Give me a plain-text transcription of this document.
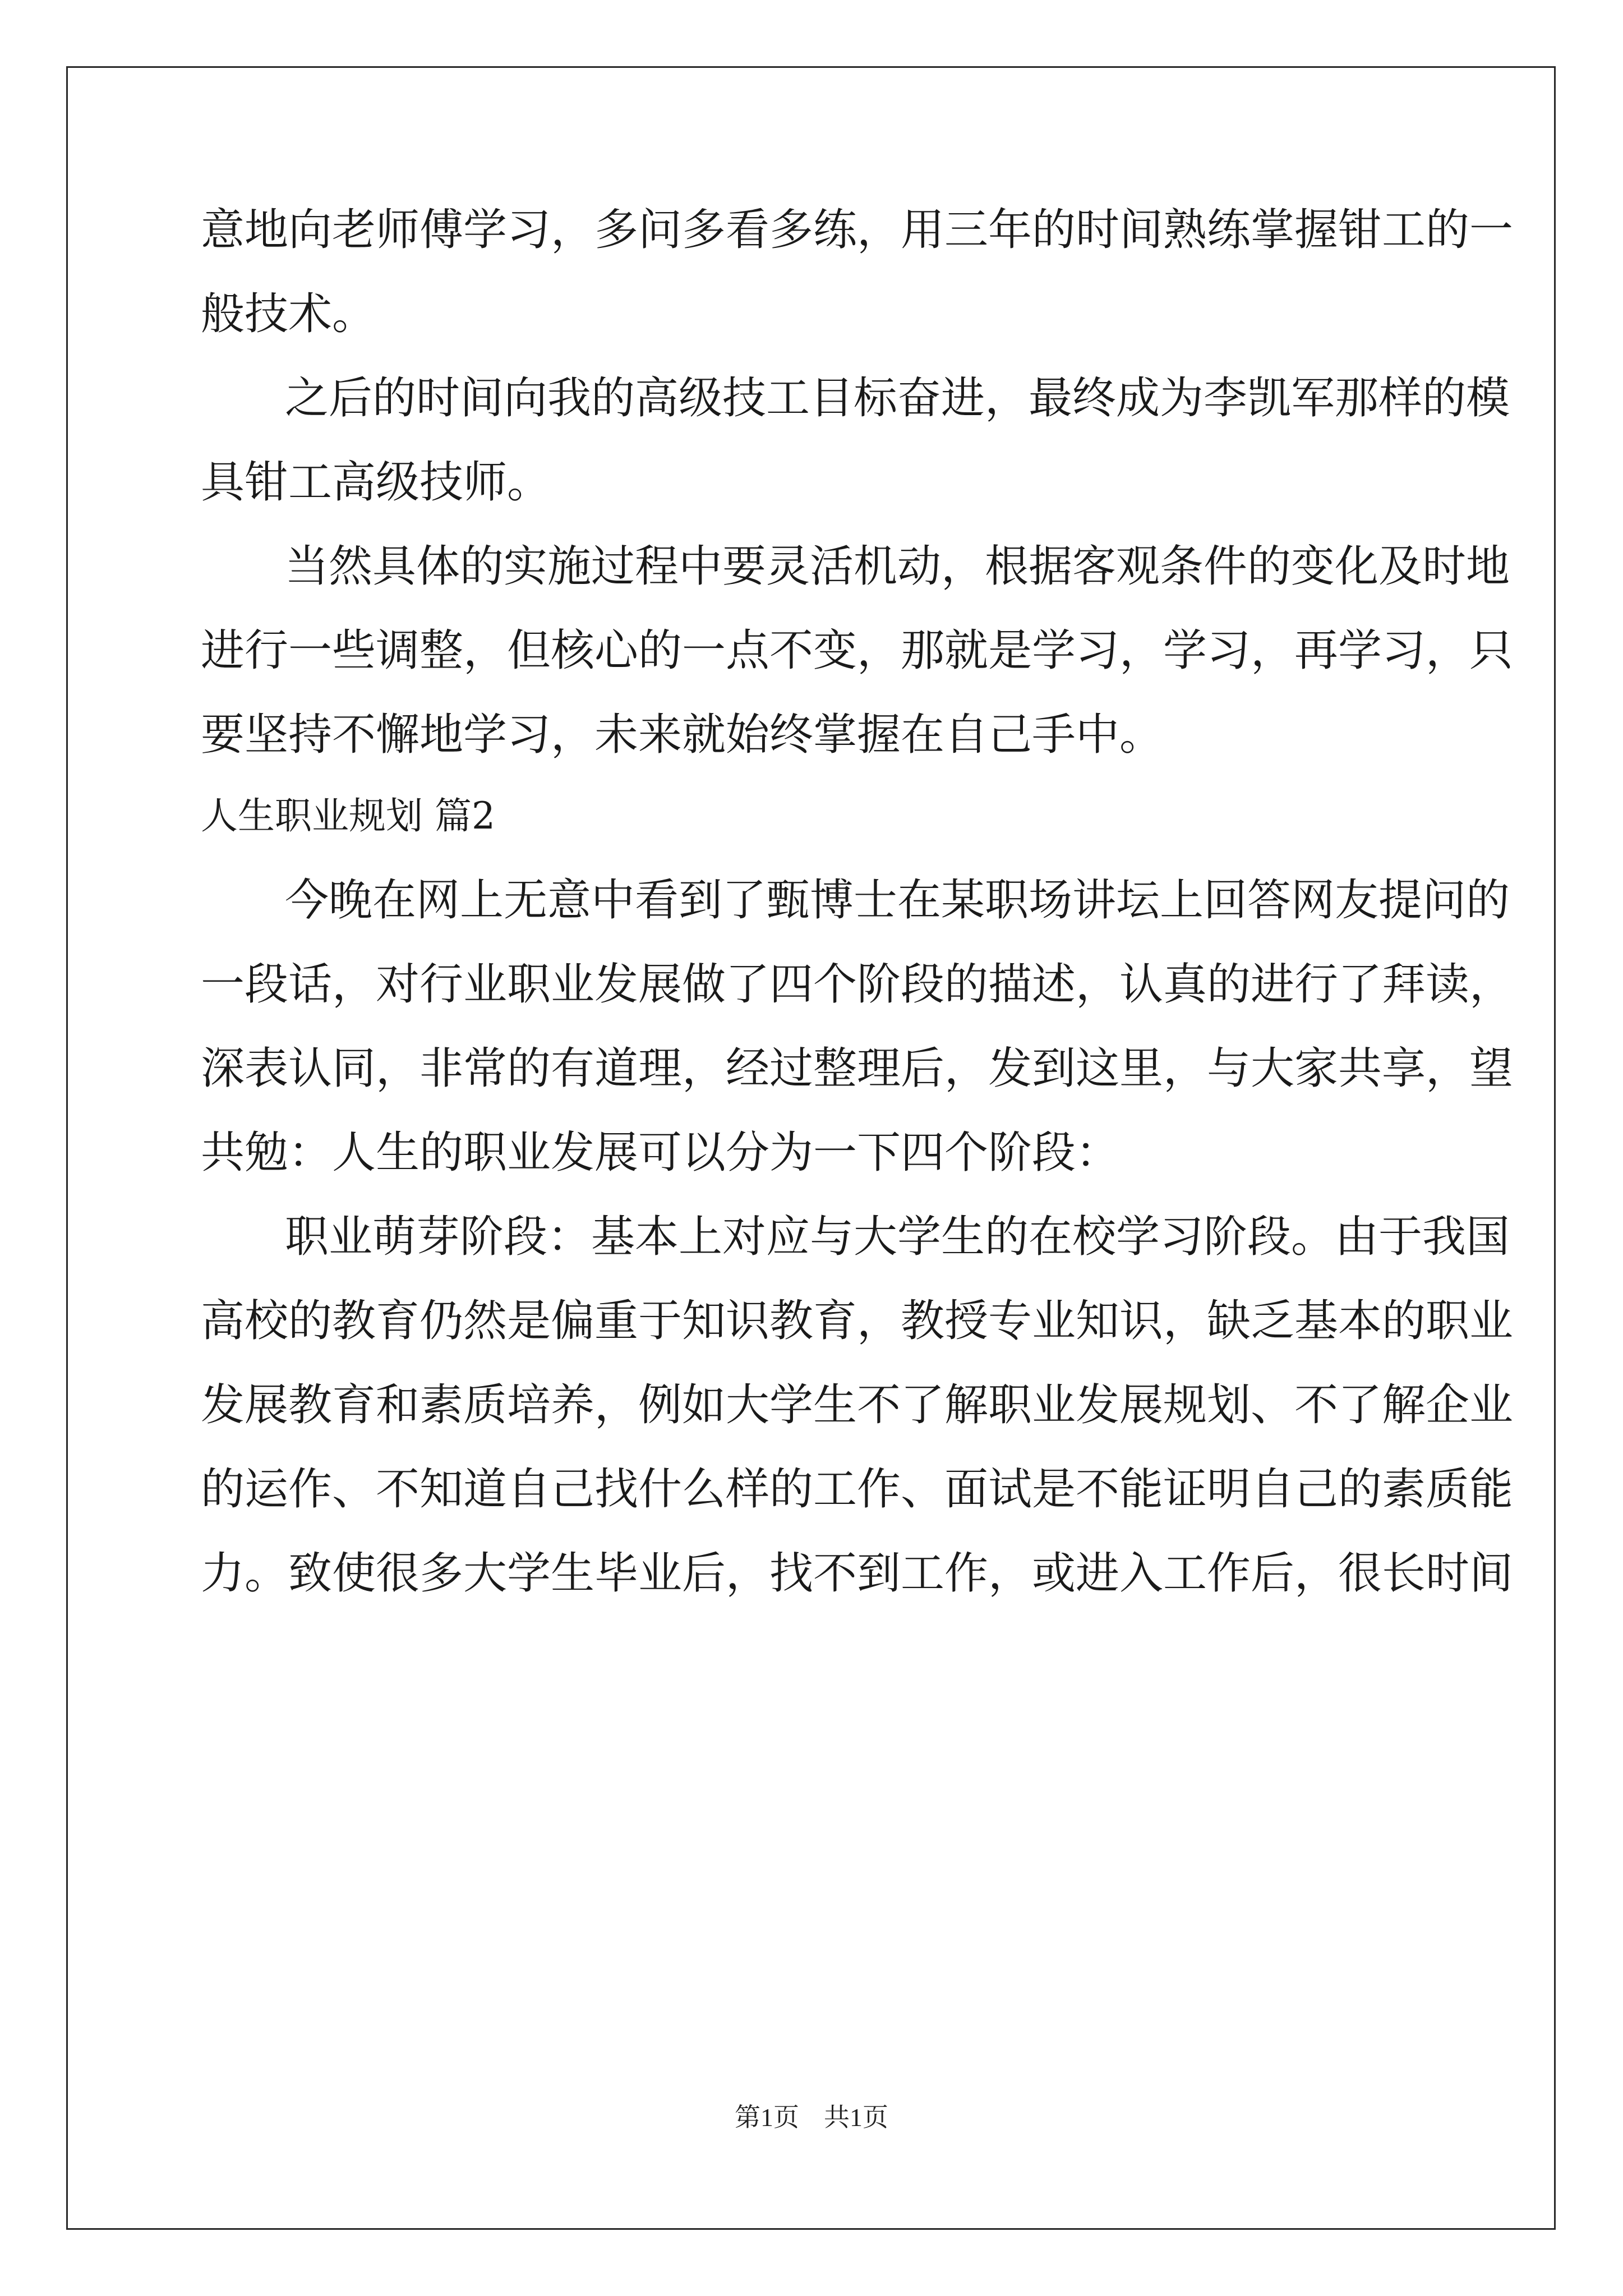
意地向老师傅学习，多问多看多练，用三年的时间熟练掌握钳工的一
般技术。
之后的时间向我的高级技工目标奋进，最终成为李凯军那样的模
具钳工高级技师。
当然具体的实施过程中要灵活机动，根据客观条件的变化及时地
进行一些调整，但核心的一点不变，那就是学习，学习，再学习，只
要坚持不懈地学习，未来就始终掌握在自己手中。
人生职业规划 篇2
今晚在网上无意中看到了甄博士在某职场讲坛上回答网友提问的
一段话，对行业职业发展做了四个阶段的描述，认真的进行了拜读，
深表认同，非常的有道理，经过整理后，发到这里，与大家共享，望
共勉：人生的职业发展可以分为一下四个阶段：
职业萌芽阶段：基本上对应与大学生的在校学习阶段。由于我国
高校的教育仍然是偏重于知识教育，教授专业知识，缺乏基本的职业
发展教育和素质培养，例如大学生不了解职业发展规划、不了解企业
的运作、不知道自己找什么样的工作、面试是不能证明自己的素质能
力。致使很多大学生毕业后，找不到工作，或进入工作后，很长时间
第1页 共1页
